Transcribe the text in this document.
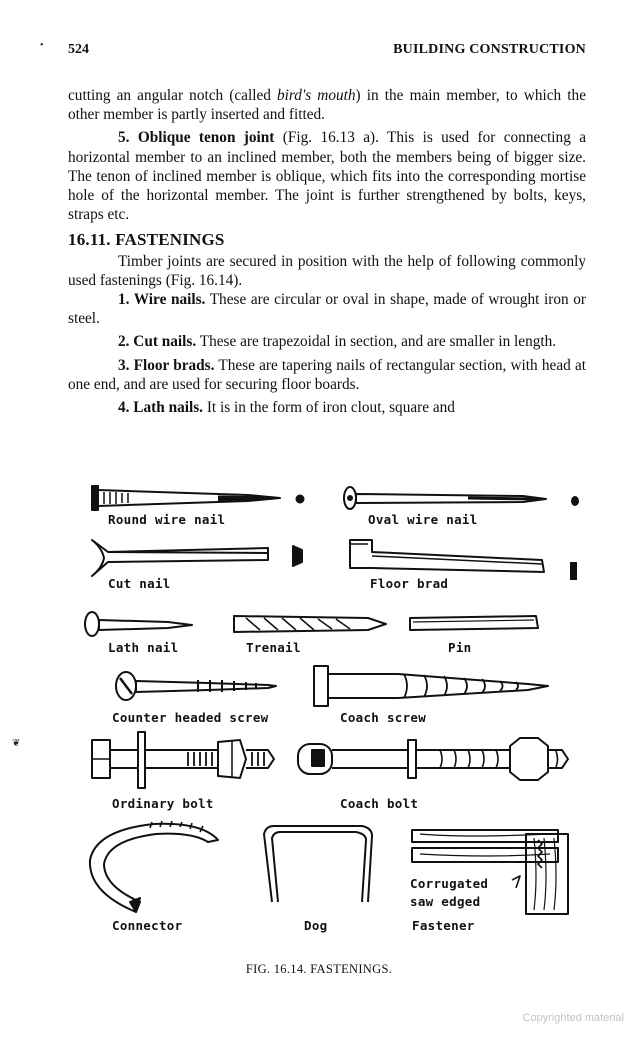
524	BUILDING CONSTRUCTION
•

cutting an angular notch (called bird's mouth) in the main member, to which the other member is partly inserted and fitted.

5. Oblique tenon joint (Fig. 16.13 a). This is used for connecting a horizontal member to an inclined member, both the members being of bigger size. The tenon of inclined member is oblique, which fits into the corresponding mortise hole of the horizontal member. The joint is further strengthened by bolts, keys, straps etc.

16.11. FASTENINGS

Timber joints are secured in position with the help of following commonly used fastenings (Fig. 16.14).

1. Wire nails. These are circular or oval in shape, made of wrought iron or steel.

2. Cut nails. These are trapezoidal in section, and are smaller in length.

3. Floor brads. These are tapering nails of rectangular section, with head at one end, and are used for securing floor boards.

4. Lath nails. It is in the form of iron clout, square and

Round wire nail	Oval wire nail
Cut nail	Floor brad
Lath nail	Trenail	Pin
Counter headed screw	Coach screw
Ordinary bolt	Coach bolt
Corrugated
saw edged
Connector	Dog	Fastener
❦
FIG. 16.14. FASTENINGS.
Copyrighted material
